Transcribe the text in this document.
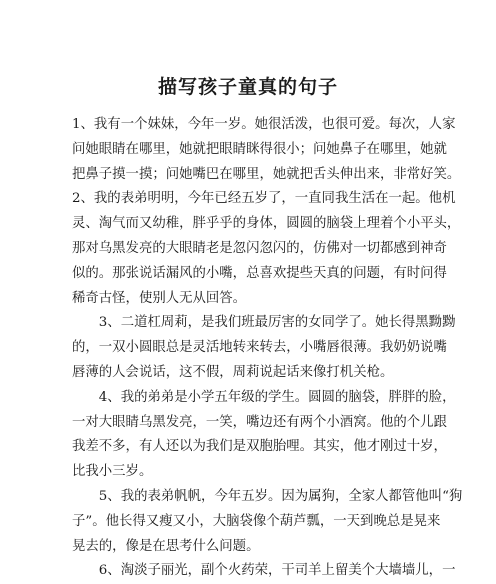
描写孩子童真的句子
1、我有一个妹妹，今年一岁。她很活泼，也很可爱。每次，人家
问她眼睛在哪里，她就把眼睛眯得很小；问她鼻子在哪里，她就
把鼻子摸一摸；问她嘴巴在哪里，她就把舌头伸出来，非常好笑。
2、我的表弟明明，今年已经五岁了，一直同我生活在一起。他机
灵、淘气而又幼稚，胖乎乎的身体，圆圆的脑袋上理着个小平头，
那对乌黑发亮的大眼睛老是忽闪忽闪的，仿佛对一切都感到神奇
似的。那张说话漏风的小嘴，总喜欢提些天真的问题，有时问得
稀奇古怪，使别人无从回答。
　　3、二道杠周莉，是我们班最厉害的女同学了。她长得黑黝黝
的，一双小圆眼总是灵活地转来转去，小嘴唇很薄。我奶奶说嘴
唇薄的人会说话，这不假，周莉说起话来像打机关枪。
　　4、我的弟弟是小学五年级的学生。圆圆的脑袋，胖胖的脸，
一对大眼睛乌黑发亮，一笑，嘴边还有两个小酒窝。他的个儿跟
我差不多，有人还以为我们是双胞胎哩。其实，他才刚过十岁，
比我小三岁。
　　5、我的表弟帆帆，今年五岁。因为属狗，全家人都管他叫“狗
子”。他长得又瘦又小，大脑袋像个葫芦瓢，一天到晚总是晃来
晃去的，像是在思考什么问题。
　　6、淘淡子丽光，副个火药荣，干司羊上留美个大墙墙儿，一
